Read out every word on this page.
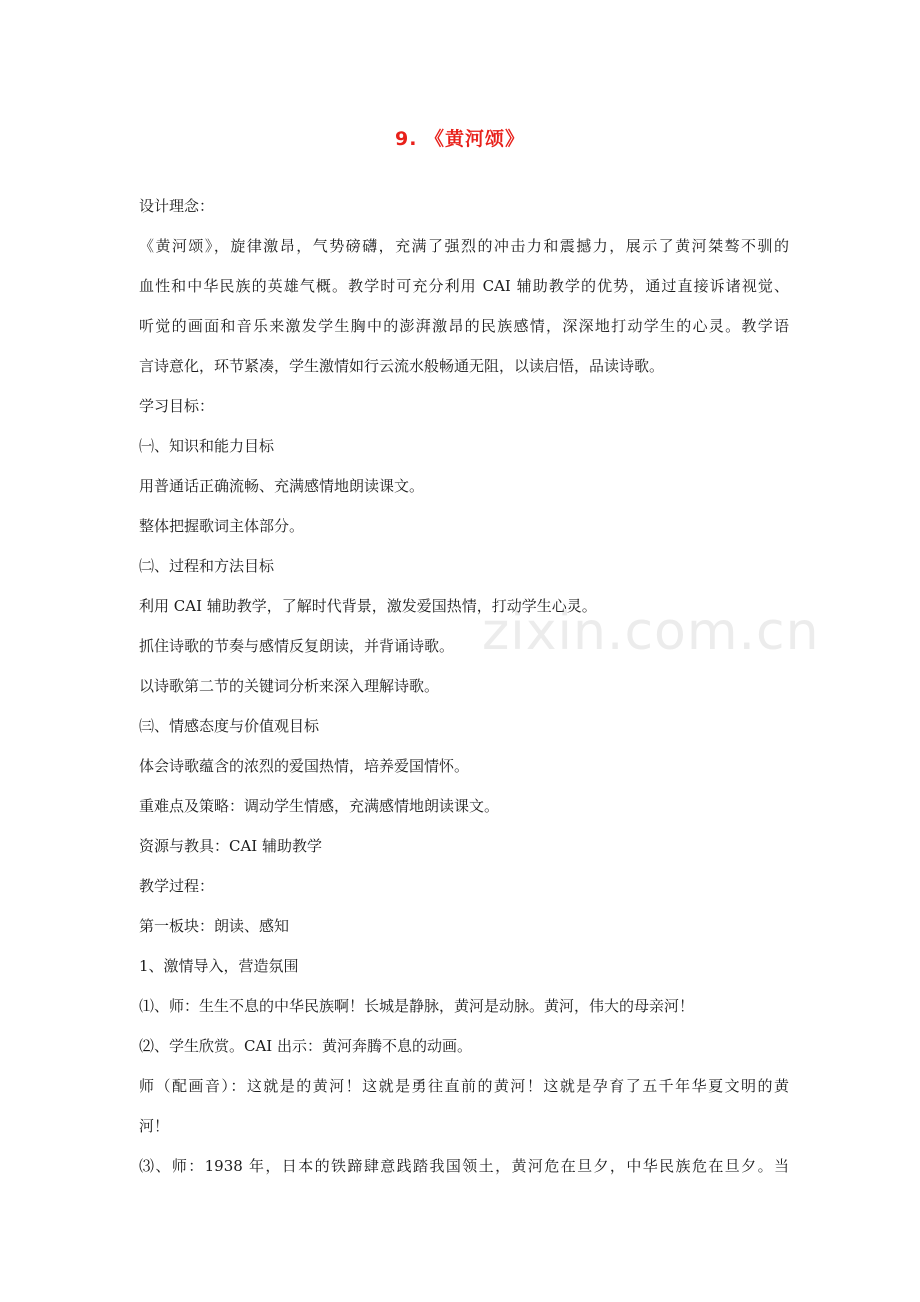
zixin.com.cn
9. 《黄河颂》
设计理念：
《黄河颂》，旋律激昂，气势磅礴，充满了强烈的冲击力和震撼力，展示了黄河桀骜不驯的
血性和中华民族的英雄气概。教学时可充分利用 CAI 辅助教学的优势，通过直接诉诸视觉、
听觉的画面和音乐来激发学生胸中的澎湃激昂的民族感情，深深地打动学生的心灵。教学语
言诗意化，环节紧凑，学生激情如行云流水般畅通无阻，以读启悟，品读诗歌。
学习目标：
㈠、知识和能力目标
用普通话正确流畅、充满感情地朗读课文。
整体把握歌词主体部分。
㈡、过程和方法目标
利用 CAI 辅助教学，了解时代背景，激发爱国热情，打动学生心灵。
抓住诗歌的节奏与感情反复朗读，并背诵诗歌。
以诗歌第二节的关键词分析来深入理解诗歌。
㈢、情感态度与价值观目标
体会诗歌蕴含的浓烈的爱国热情，培养爱国情怀。
重难点及策略：调动学生情感，充满感情地朗读课文。
资源与教具：CAI 辅助教学
教学过程：
第一板块：朗读、感知
1、激情导入，营造氛围
⑴、师：生生不息的中华民族啊！长城是静脉，黄河是动脉。黄河，伟大的母亲河！
⑵、学生欣赏。CAI 出示：黄河奔腾不息的动画。
师（配画音）：这就是的黄河！这就是勇往直前的黄河！这就是孕育了五千年华夏文明的黄
河！
⑶、师：1938 年，日本的铁蹄肆意践踏我国领土，黄河危在旦夕，中华民族危在旦夕。当
